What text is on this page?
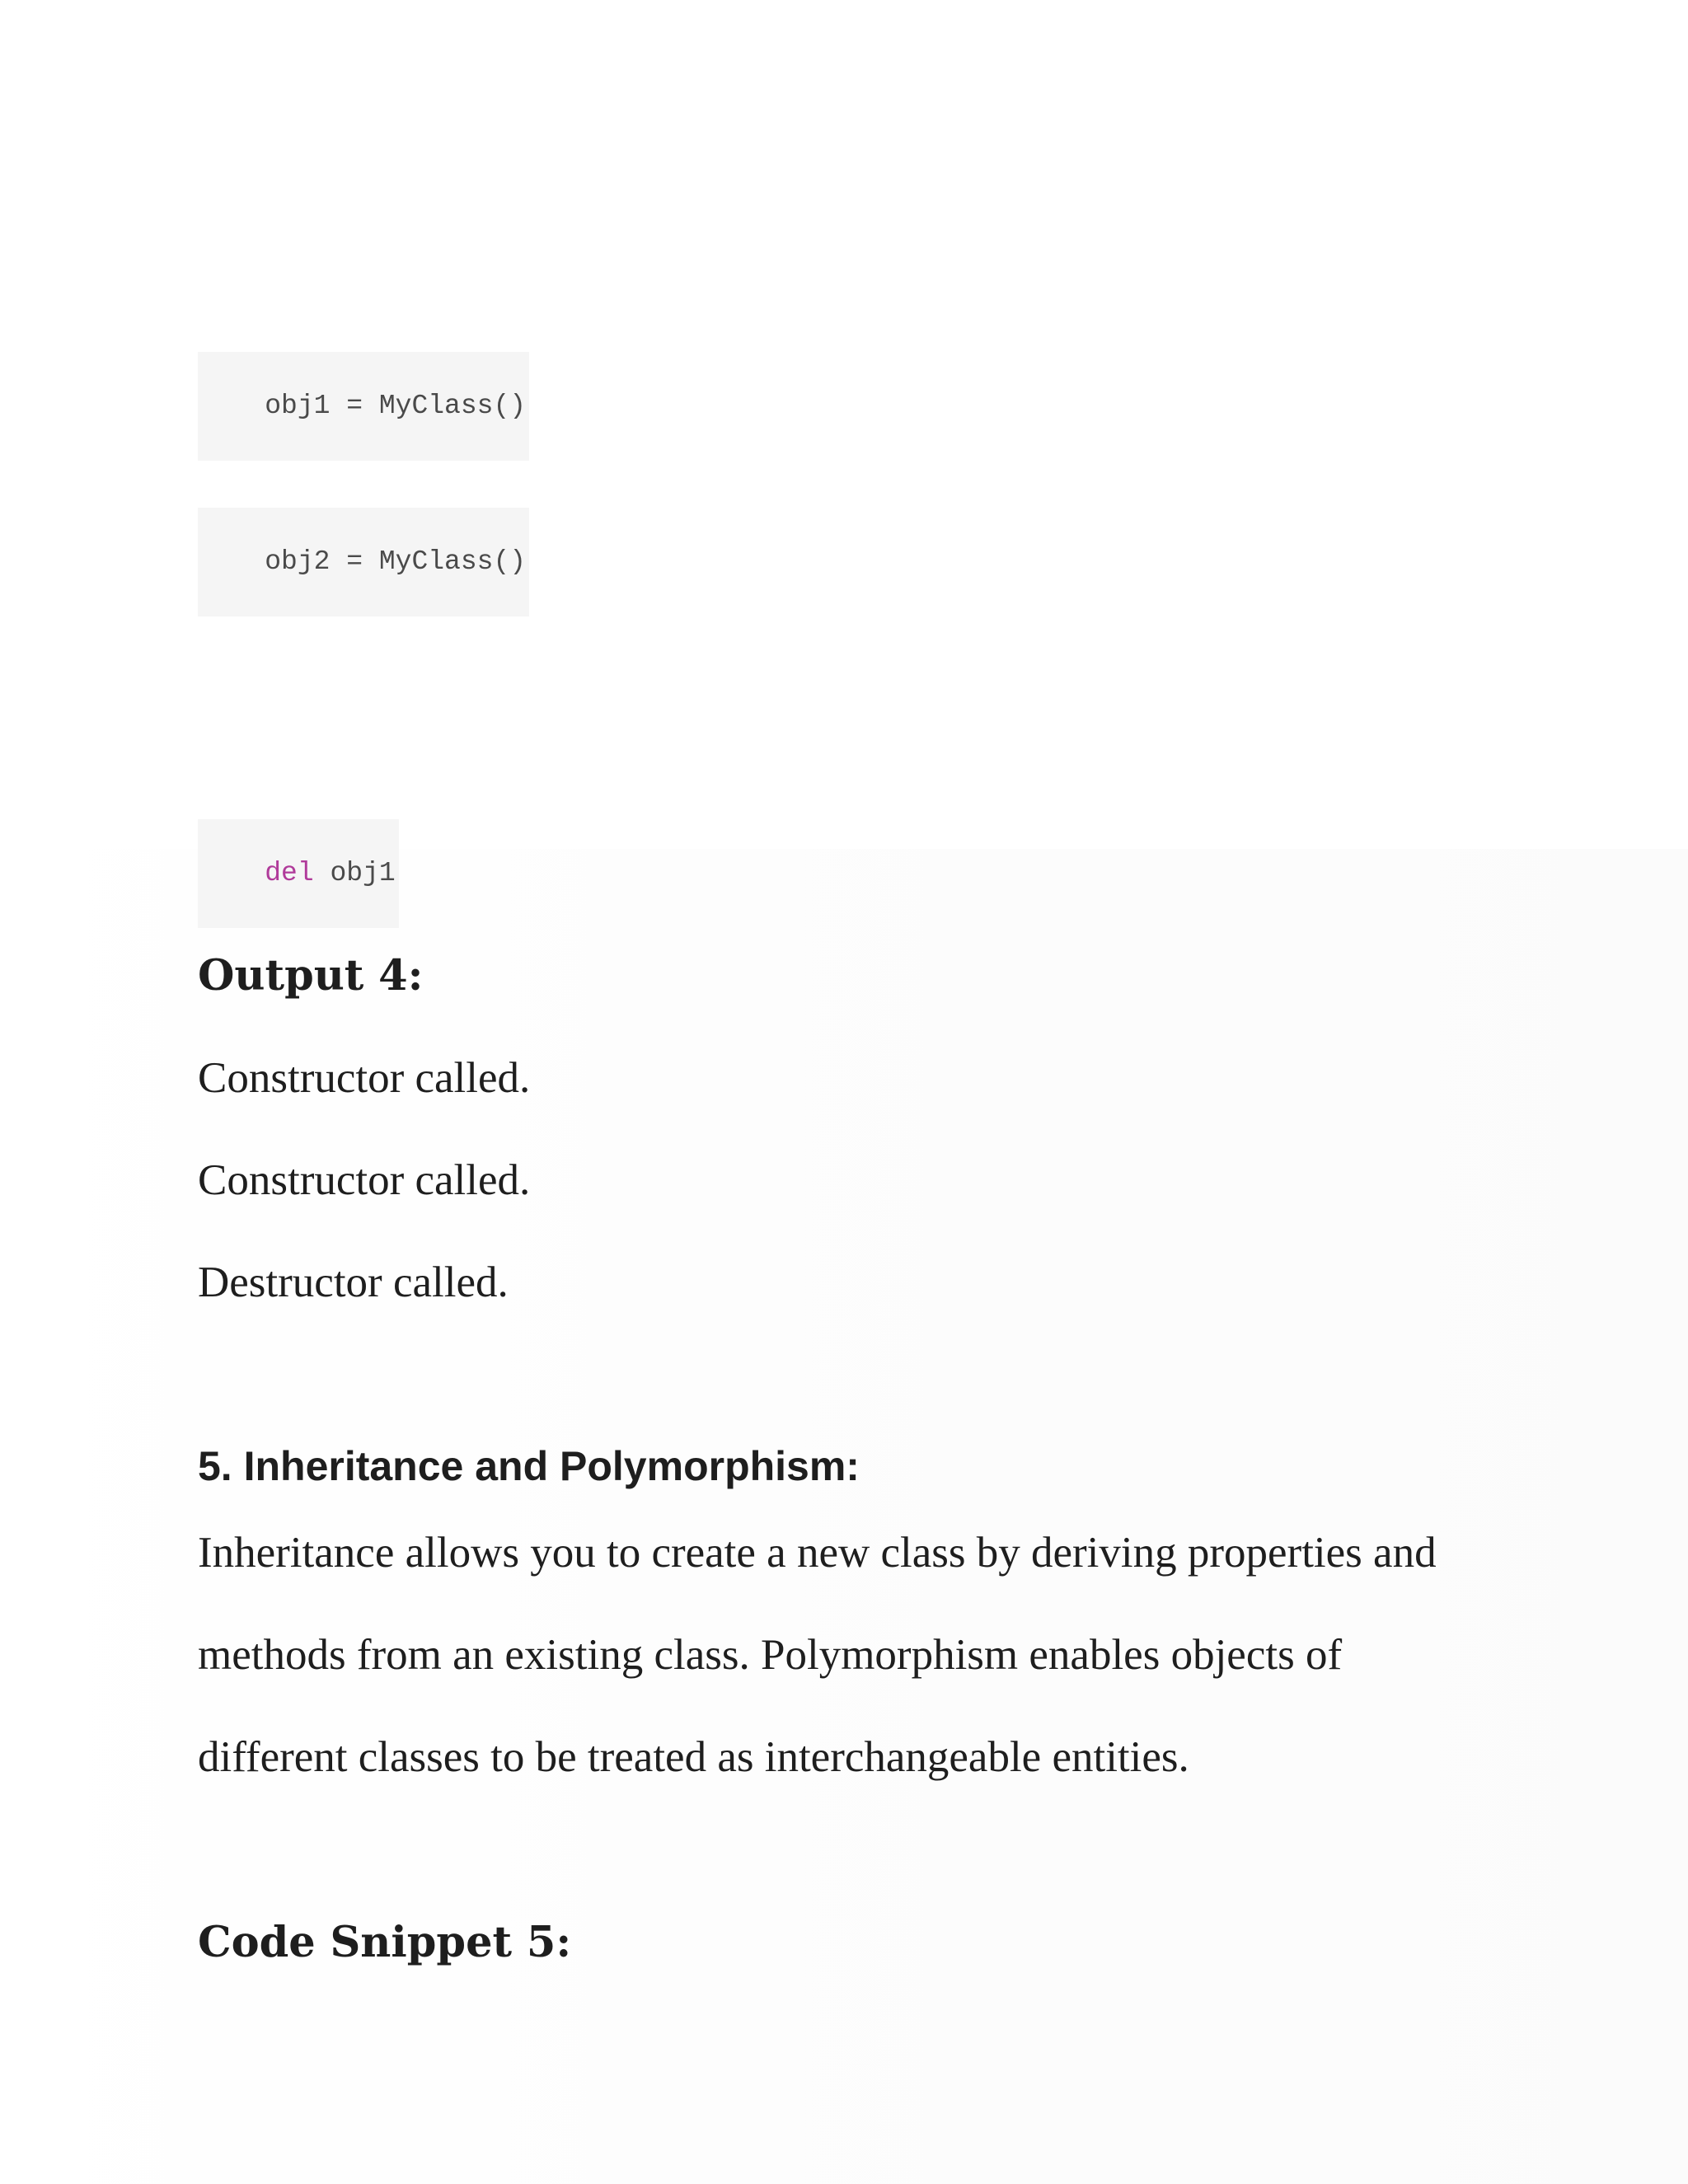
obj1 = MyClass()

obj2 = MyClass()

del obj1

Output 4:

Constructor called.

Constructor called.

Destructor called.

5. Inheritance and Polymorphism:

Inheritance allows you to create a new class by deriving properties and
methods from an existing class. Polymorphism enables objects of
different classes to be treated as interchangeable entities.

Code Snippet 5:
